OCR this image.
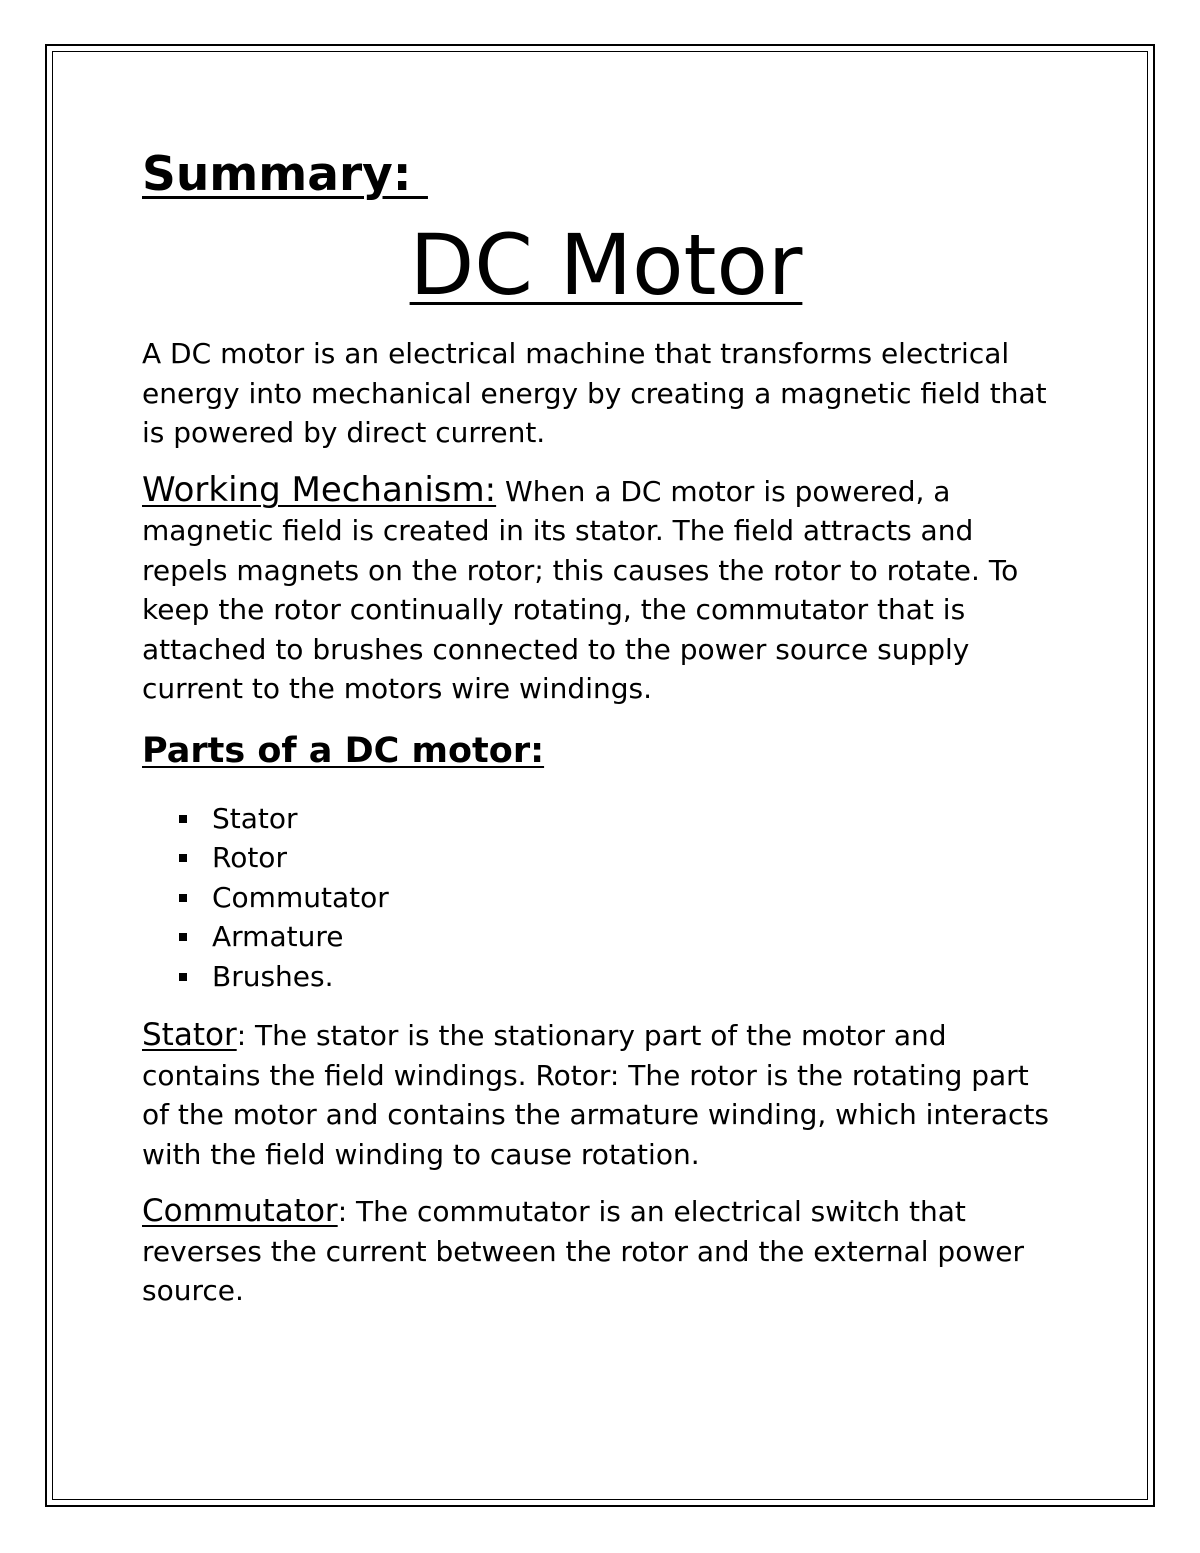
Summary:
DC Motor

A DC motor is an electrical machine that transforms electrical energy into mechanical energy by creating a magnetic field that is powered by direct current.

Working Mechanism: When a DC motor is powered, a magnetic field is created in its stator. The field attracts and repels magnets on the rotor; this causes the rotor to rotate. To keep the rotor continually rotating, the commutator that is attached to brushes connected to the power source supply current to the motors wire windings.

Parts of a DC motor:
Stator
Rotor
Commutator
Armature
Brushes.

Stator: The stator is the stationary part of the motor and contains the field windings. Rotor: The rotor is the rotating part of the motor and contains the armature winding, which interacts with the field winding to cause rotation.

Commutator: The commutator is an electrical switch that reverses the current between the rotor and the external power source.
